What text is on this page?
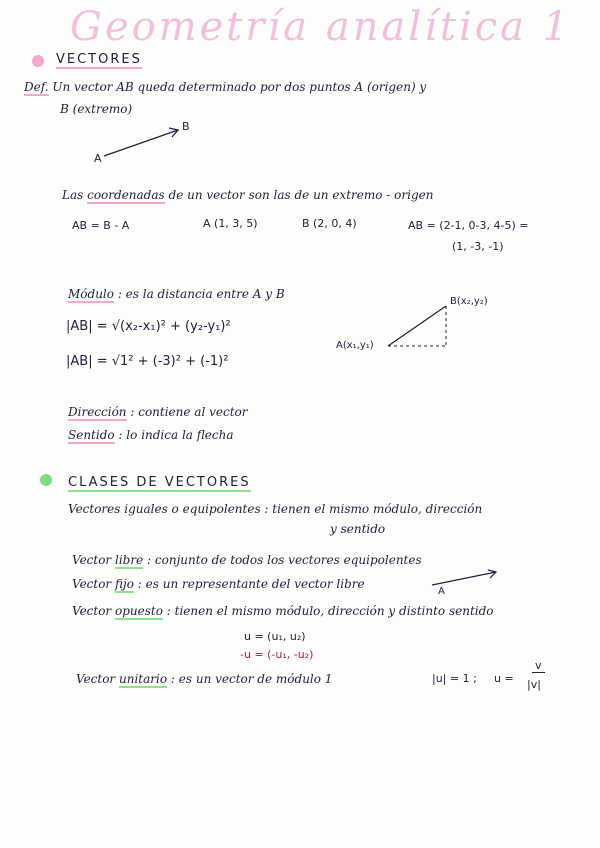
Geometría analítica 1
VECTORES
Def. Un vector AB queda determinado por dos puntos A (origen) y
B (extremo)
A
B
Las coordenadas de un vector son las de un extremo - origen
AB = B - A	A (1, 3, 5)	B (2, 0, 4)	AB = (2-1, 0-3, 4-5) =
(1, -3, -1)
Módulo : es la distancia entre A y B
|AB| = √(x₂-x₁)² + (y₂-y₁)²
|AB| = √1² + (-3)² + (-1)²
B(x₂,y₂)
A(x₁,y₁)
Dirección : contiene al vector
Sentido : lo indica la flecha
CLASES DE VECTORES
Vectores iguales o equipolentes : tienen el mismo módulo, dirección
y sentido
Vector libre : conjunto de todos los vectores equipolentes
Vector fijo : es un representante del vector libre
A
Vector opuesto : tienen el mismo módulo, dirección y distinto sentido
u = (u₁, u₂)
-u = (-u₁, -u₂)
Vector unitario : es un vector de módulo 1	|u| = 1 ; u =
v
|v|
